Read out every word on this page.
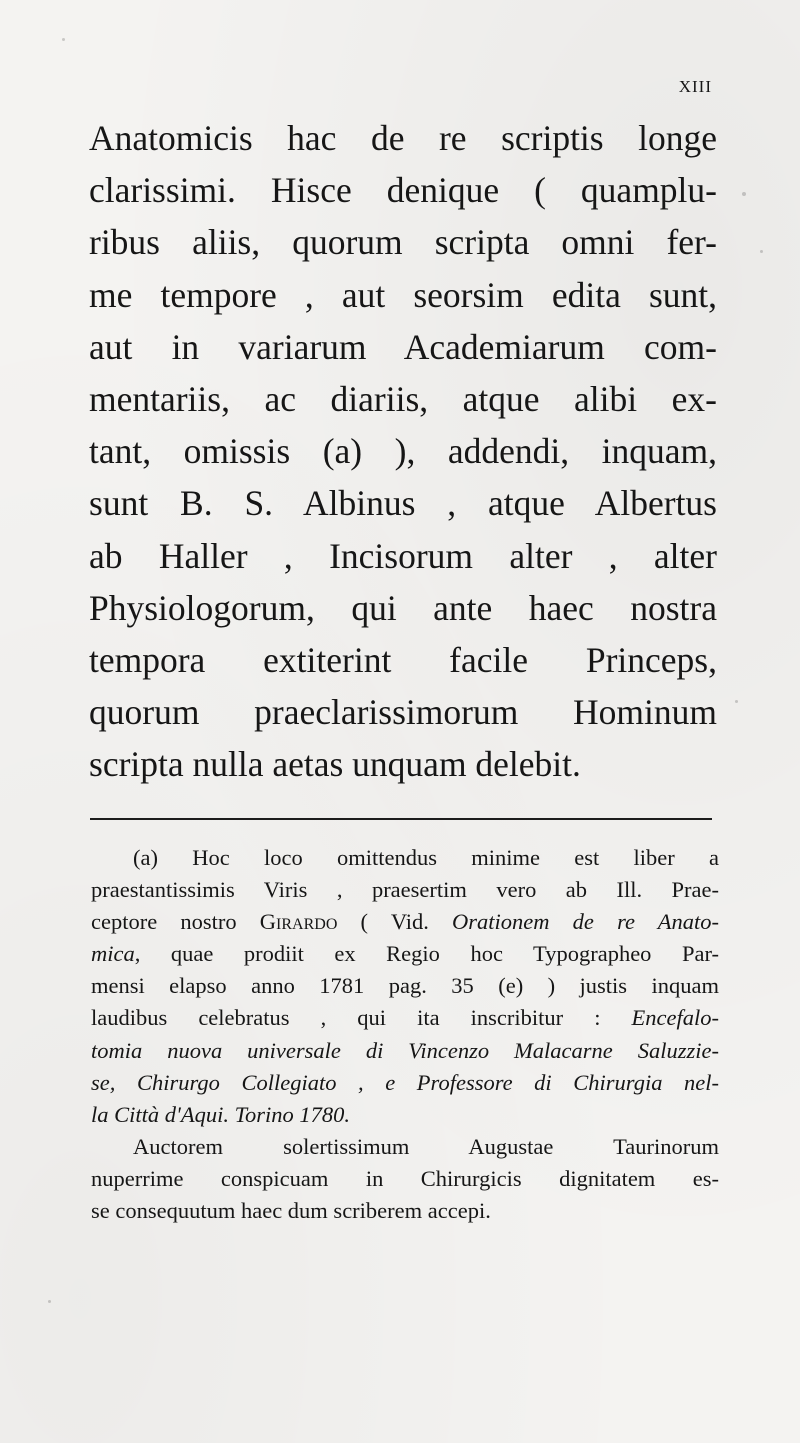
xiii
Anatomicis hac de re scriptis longe
clarissimi. Hisce denique ( quamplu-
ribus aliis, quorum scripta omni fer-
me tempore , aut seorsim edita sunt,
aut in variarum Academiarum com-
mentariis, ac diariis, atque alibi ex-
tant, omissis (a) ), addendi, inquam,
sunt B. S. Albinus , atque Albertus
ab Haller , Incisorum alter , alter
Physiologorum, qui ante haec nostra
tempora extiterint facile Princeps,
quorum praeclarissimorum Hominum
scripta nulla aetas unquam delebit.
(a) Hoc loco omittendus minime est liber a
praestantissimis Viris , praesertim vero ab Ill. Prae-
ceptore nostro Girardo ( Vid. Orationem de re Anato-
mica, quae prodiit ex Regio hoc Typographeo Par-
mensi elapso anno 1781 pag. 35 (e) ) justis inquam
laudibus celebratus , qui ita inscribitur : Encefalo-
tomia nuova universale di Vincenzo Malacarne Saluzzie-
se, Chirurgo Collegiato , e Professore di Chirurgia nel-
la Città d'Aqui. Torino 1780.
Auctorem solertissimum Augustae Taurinorum
nuperrime conspicuam in Chirurgicis dignitatem es-
se consequutum haec dum scriberem accepi.
